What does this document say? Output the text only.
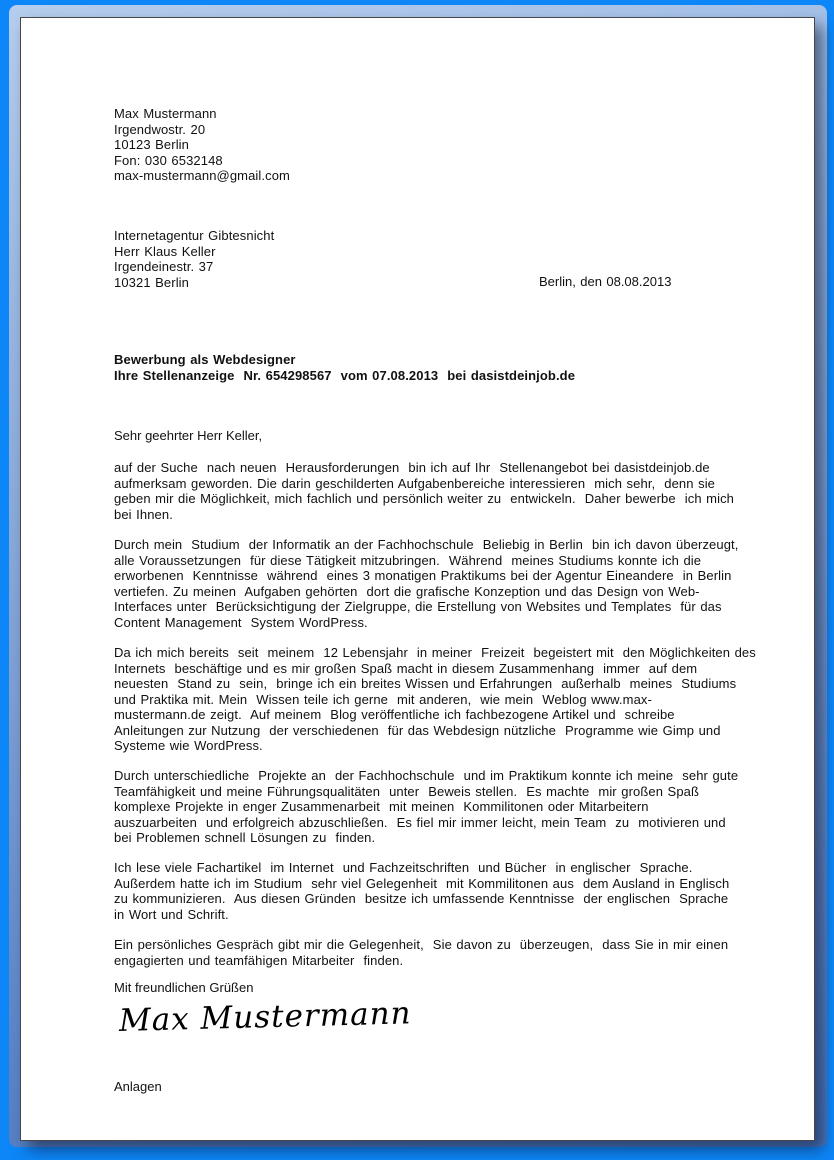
Max Mustermann
Irgendwostr. 20
10123 Berlin
Fon: 030 6532148
max-mustermann@gmail.com
Internetagentur Gibtesnicht
Herr Klaus Keller
Irgendeinestr. 37
10321 Berlin	Berlin, den 08.08.2013
Bewerbung als Webdesigner
Ihre Stellenanzeige  Nr. 654298567  vom 07.08.2013  bei dasistdeinjob.de
Sehr geehrter Herr Keller,
auf der Suche  nach neuen  Herausforderungen  bin ich auf Ihr  Stellenangebot bei dasistdeinjob.de
aufmerksam geworden. Die darin geschilderten Aufgabenbereiche interessieren  mich sehr,  denn sie
geben mir die Möglichkeit, mich fachlich und persönlich weiter zu  entwickeln.  Daher bewerbe  ich mich
bei Ihnen.
Durch mein  Studium  der Informatik an der Fachhochschule  Beliebig in Berlin  bin ich davon überzeugt,
alle Voraussetzungen  für diese Tätigkeit mitzubringen.  Während  meines Studiums konnte ich die
erworbenen  Kenntnisse  während  eines 3 monatigen Praktikums bei der Agentur Eineandere  in Berlin
vertiefen. Zu meinen  Aufgaben gehörten  dort die grafische Konzeption und das Design von Web-
Interfaces unter  Berücksichtigung der Zielgruppe, die Erstellung von Websites und Templates  für das
Content Management  System WordPress.
Da ich mich bereits  seit  meinem  12 Lebensjahr  in meiner  Freizeit  begeistert mit  den Möglichkeiten des
Internets  beschäftige und es mir großen Spaß macht in diesem Zusammenhang  immer  auf dem
neuesten  Stand zu  sein,  bringe ich ein breites Wissen und Erfahrungen  außerhalb  meines  Studiums
und Praktika mit. Mein  Wissen teile ich gerne  mit anderen,  wie mein  Weblog www.max-
mustermann.de zeigt.  Auf meinem  Blog veröffentliche ich fachbezogene Artikel und  schreibe
Anleitungen zur Nutzung  der verschiedenen  für das Webdesign nützliche  Programme wie Gimp und
Systeme wie WordPress.
Durch unterschiedliche  Projekte an  der Fachhochschule  und im Praktikum konnte ich meine  sehr gute
Teamfähigkeit und meine Führungsqualitäten  unter  Beweis stellen.  Es machte  mir großen Spaß
komplexe Projekte in enger Zusammenarbeit  mit meinen  Kommilitonen oder Mitarbeitern
auszuarbeiten  und erfolgreich abzuschließen.  Es fiel mir immer leicht, mein Team  zu  motivieren und
bei Problemen schnell Lösungen zu  finden.
Ich lese viele Fachartikel  im Internet  und Fachzeitschriften  und Bücher  in englischer  Sprache.
Außerdem hatte ich im Studium  sehr viel Gelegenheit  mit Kommilitonen aus  dem Ausland in Englisch
zu kommunizieren.  Aus diesen Gründen  besitze ich umfassende Kenntnisse  der englischen  Sprache
in Wort und Schrift.
Ein persönliches Gespräch gibt mir die Gelegenheit,  Sie davon zu  überzeugen,  dass Sie in mir einen
engagierten und teamfähigen Mitarbeiter  finden.
Mit freundlichen Grüßen
Max Mustermann
Anlagen
